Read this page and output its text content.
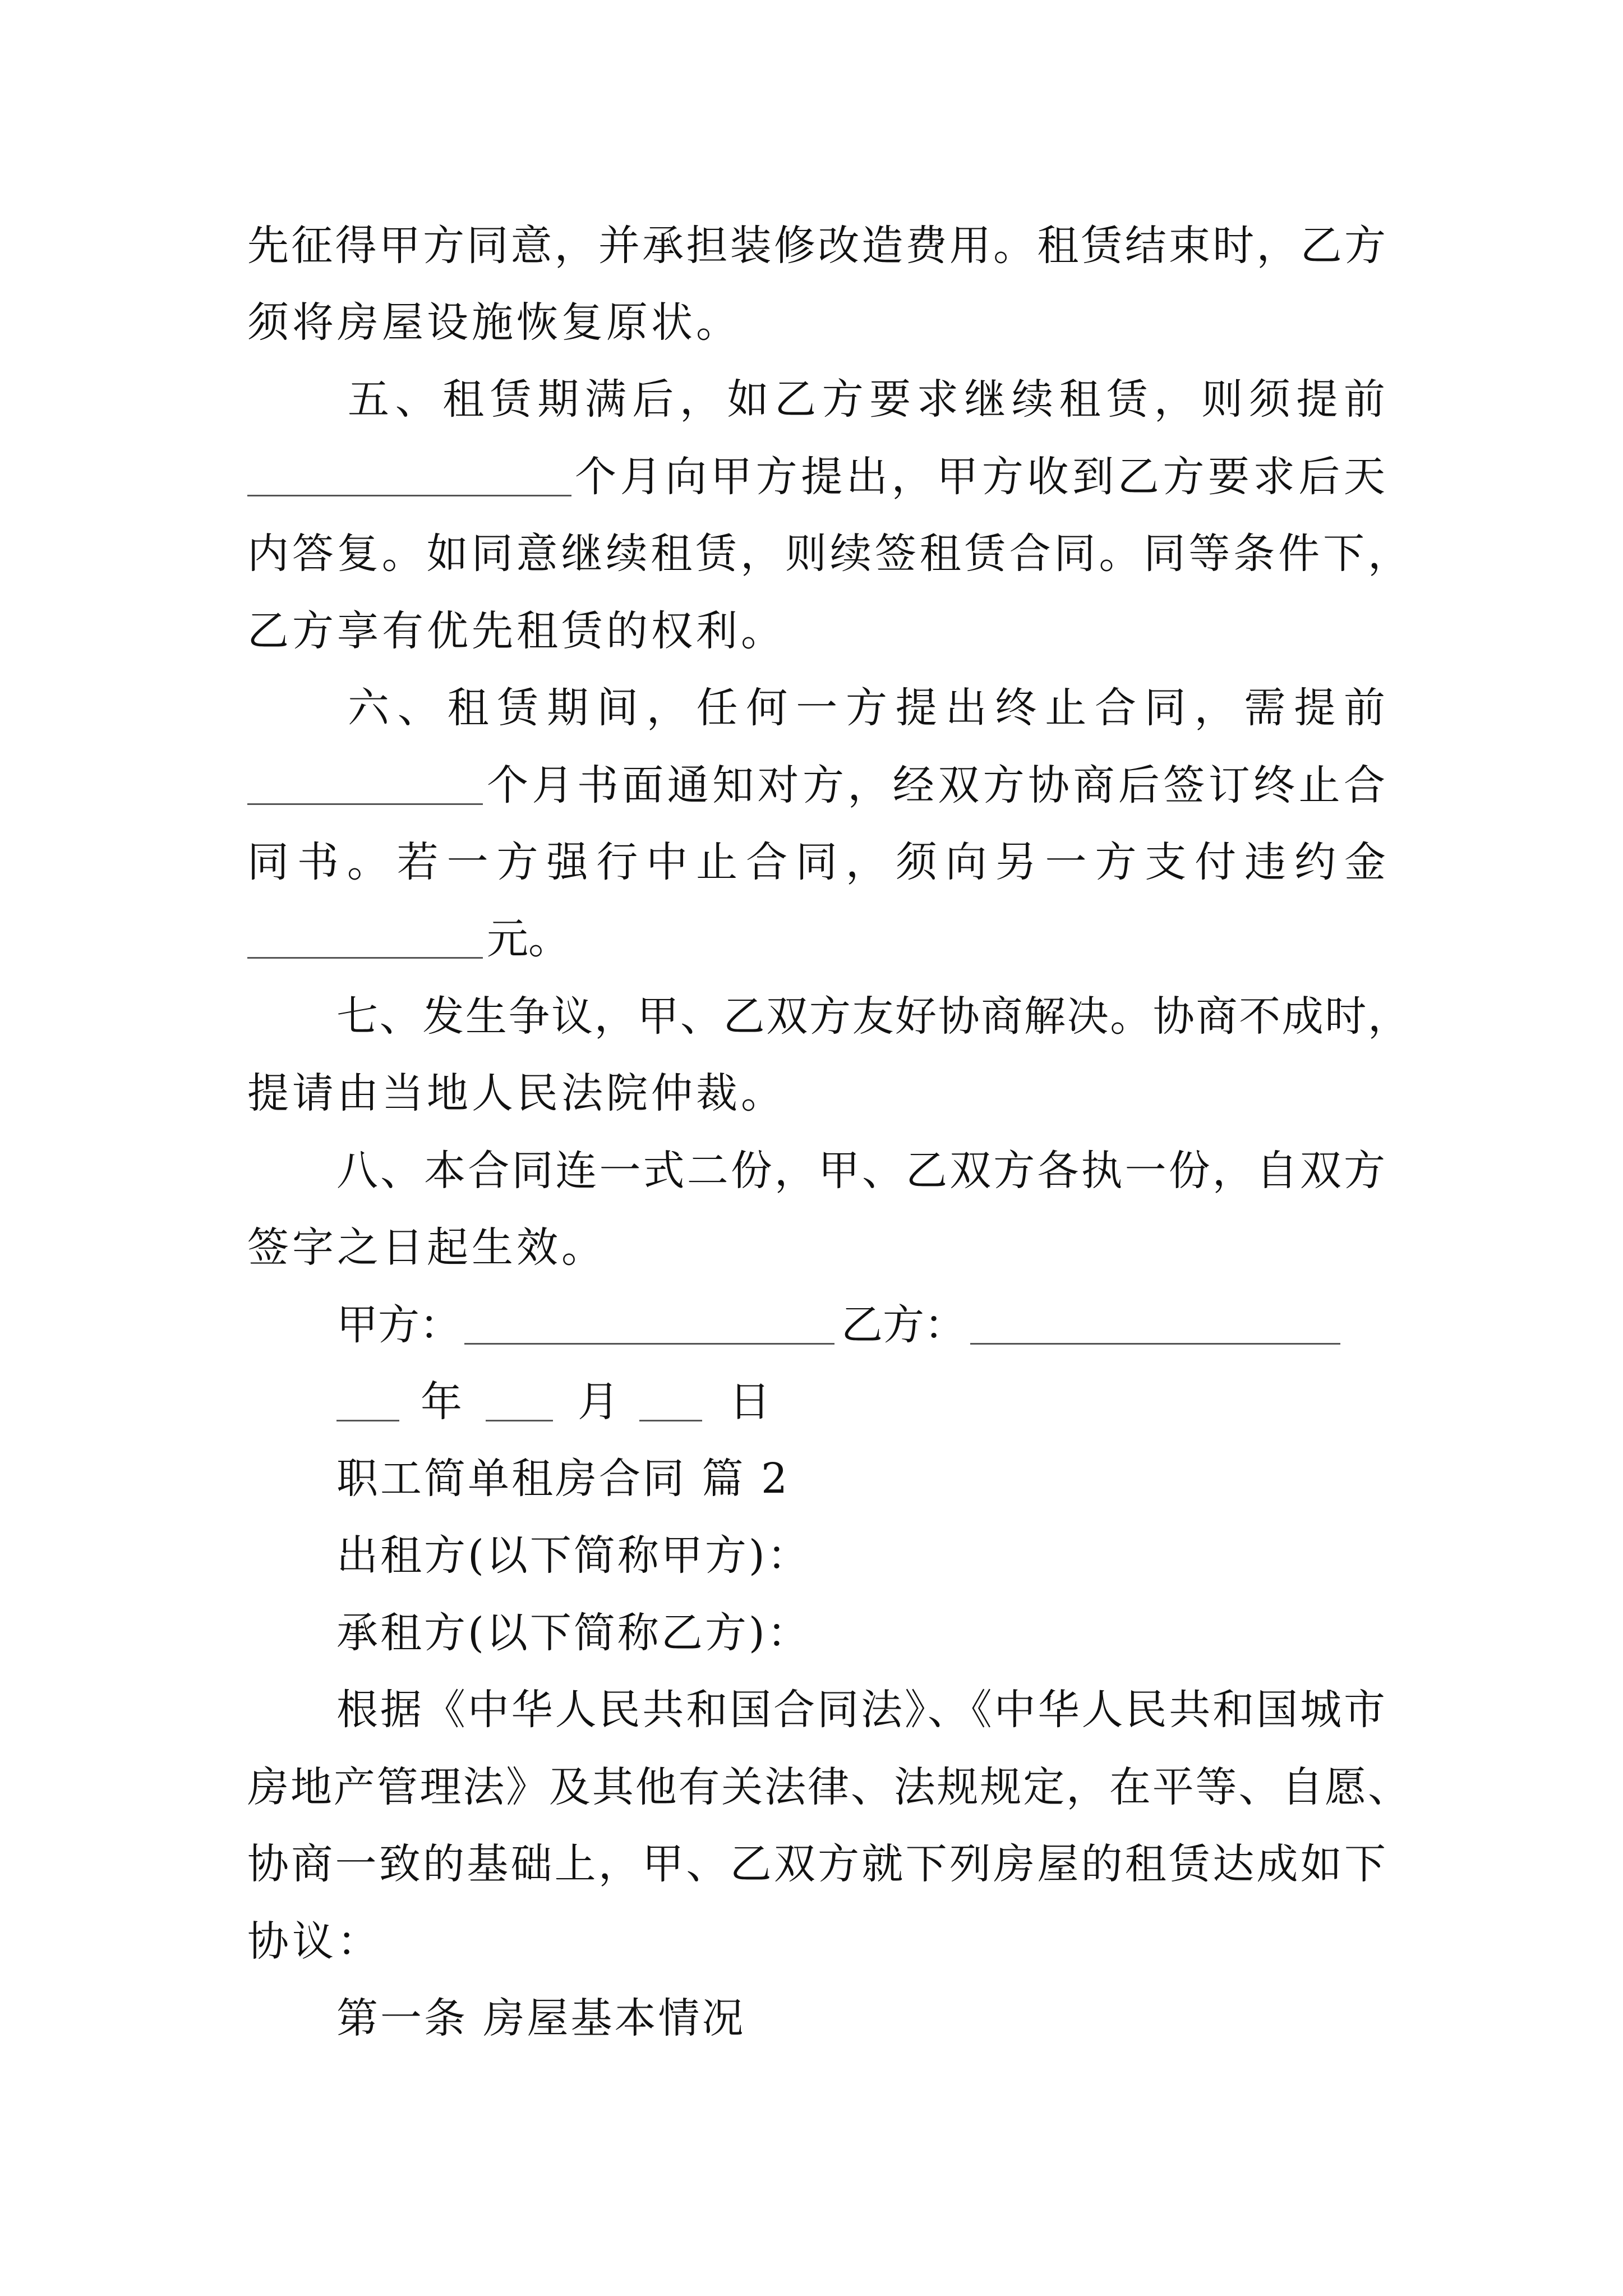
先征得甲方同意，并承担装修改造费用。租赁结束时，乙方
须将房屋设施恢复原状。
五、租赁期满后，如乙方要求继续租赁，则须提前
个月向甲方提出，甲方收到乙方要求后天
内答复。如同意继续租赁，则续签租赁合同。同等条件下，
乙方享有优先租赁的权利。
六、租赁期间，任何一方提出终止合同，需提前
个月书面通知对方，经双方协商后签订终止合
同书。若一方强行中止合同，须向另一方支付违约金
元。
七、发生争议，甲、乙双方友好协商解决。协商不成时，
提请由当地人民法院仲裁。
八、本合同连一式二份，甲、乙双方各执一份，自双方
签字之日起生效。
甲方：	乙方：
年	月	日
职工简单租房合同 篇 2
出租方(以下简称甲方)：
承租方(以下简称乙方)：
根据《中华人民共和国合同法》、《中华人民共和国城市
房地产管理法》及其他有关法律、法规规定，在平等、自愿、
协商一致的基础上，甲、乙双方就下列房屋的租赁达成如下
协议：
第一条 房屋基本情况
